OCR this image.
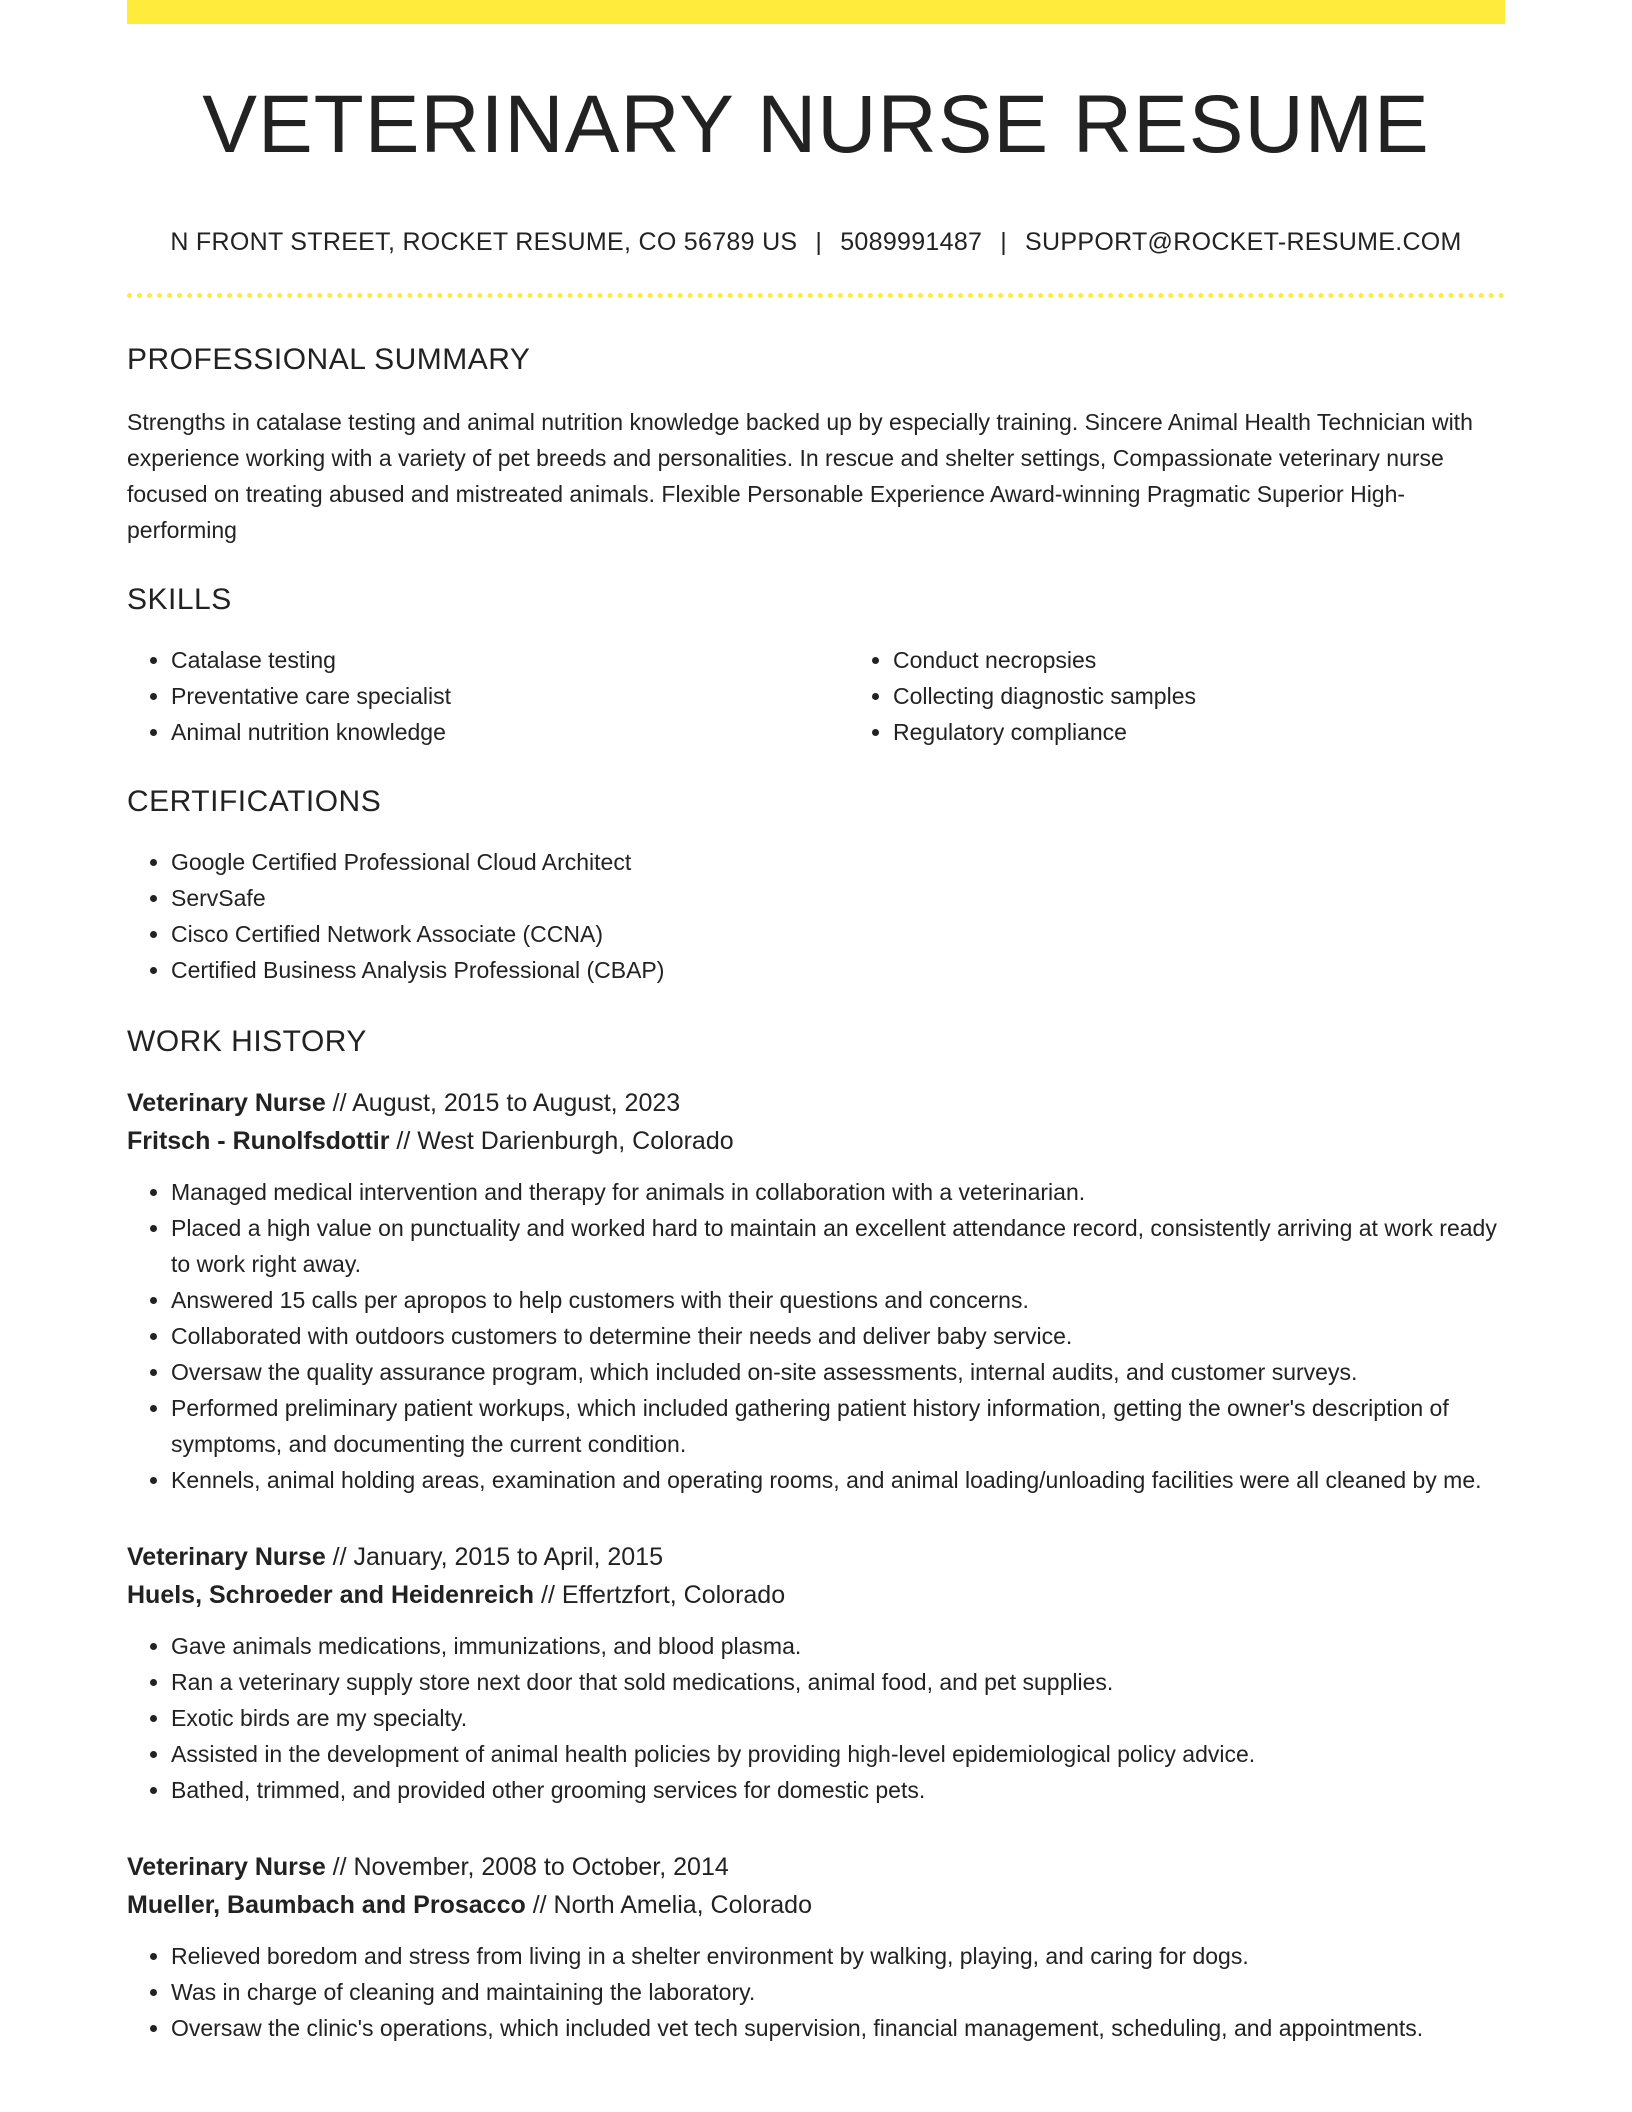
VETERINARY NURSE RESUME
N FRONT STREET, ROCKET RESUME, CO 56789 US | 5089991487 | SUPPORT@ROCKET-RESUME.COM
PROFESSIONAL SUMMARY

Strengths in catalase testing and animal nutrition knowledge backed up by especially training. Sincere Animal Health Technician with experience working with a variety of pet breeds and personalities. In rescue and shelter settings, Compassionate veterinary nurse focused on treating abused and mistreated animals. Flexible Personable Experience Award-winning Pragmatic Superior High-performing

SKILLS
• Catalase testing
• Preventative care specialist
• Animal nutrition knowledge
• Conduct necropsies
• Collecting diagnostic samples
• Regulatory compliance
CERTIFICATIONS
• Google Certified Professional Cloud Architect
• ServSafe
• Cisco Certified Network Associate (CCNA)
• Certified Business Analysis Professional (CBAP)
WORK HISTORY

Veterinary Nurse // August, 2015 to August, 2023

Fritsch - Runolfsdottir // West Darienburgh, Colorado

• Managed medical intervention and therapy for animals in collaboration with a veterinarian.
• Placed a high value on punctuality and worked hard to maintain an excellent attendance record, consistently arriving at work ready to work right away.
• Answered 15 calls per apropos to help customers with their questions and concerns.
• Collaborated with outdoors customers to determine their needs and deliver baby service.
• Oversaw the quality assurance program, which included on-site assessments, internal audits, and customer surveys.
• Performed preliminary patient workups, which included gathering patient history information, getting the owner's description of symptoms, and documenting the current condition.
• Kennels, animal holding areas, examination and operating rooms, and animal loading/unloading facilities were all cleaned by me.

Veterinary Nurse // January, 2015 to April, 2015

Huels, Schroeder and Heidenreich // Effertzfort, Colorado

• Gave animals medications, immunizations, and blood plasma.
• Ran a veterinary supply store next door that sold medications, animal food, and pet supplies.
• Exotic birds are my specialty.
• Assisted in the development of animal health policies by providing high-level epidemiological policy advice.
• Bathed, trimmed, and provided other grooming services for domestic pets.

Veterinary Nurse // November, 2008 to October, 2014

Mueller, Baumbach and Prosacco // North Amelia, Colorado

• Relieved boredom and stress from living in a shelter environment by walking, playing, and caring for dogs.
• Was in charge of cleaning and maintaining the laboratory.
• Oversaw the clinic's operations, which included vet tech supervision, financial management, scheduling, and appointments.
